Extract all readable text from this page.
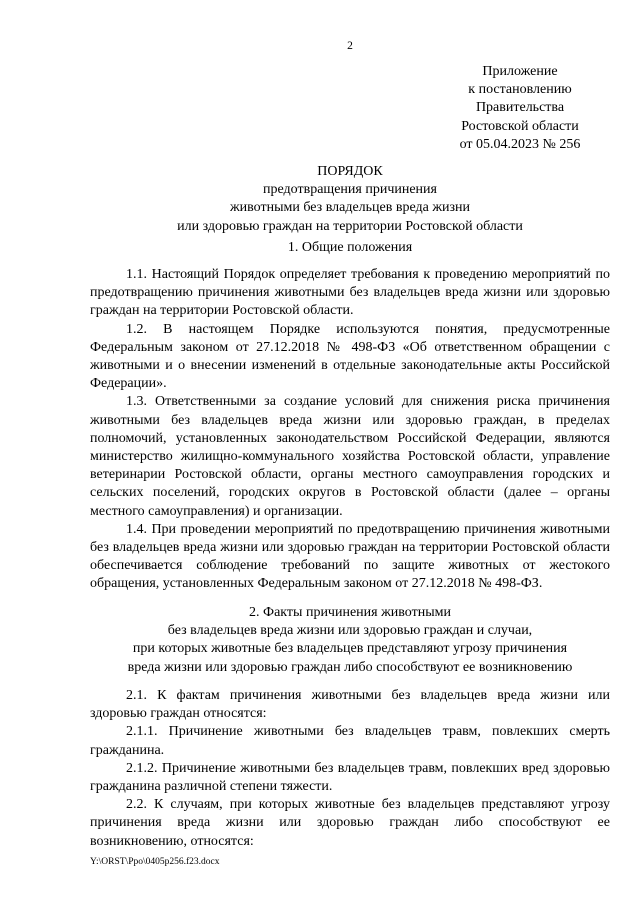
2
Приложение
к постановлению
Правительства
Ростовской области
от 05.04.2023 № 256
ПОРЯДОК
предотвращения причинения
животными без владельцев вреда жизни
или здоровью граждан на территории Ростовской области
1. Общие положения

1.1. Настоящий Порядок определяет требования к проведению мероприятий по предотвращению причинения животными без владельцев вреда жизни или здоровью граждан на территории Ростовской области.

1.2. В настоящем Порядке используются понятия, предусмотренные Федеральным законом от 27.12.2018 № 498-ФЗ «Об ответственном обращении с животными и о внесении изменений в отдельные законодательные акты Российской Федерации».

1.3. Ответственными за создание условий для снижения риска причинения животными без владельцев вреда жизни или здоровью граждан, в пределах полномочий, установленных законодательством Российской Федерации, являются министерство жилищно-коммунального хозяйства Ростовской области, управление ветеринарии Ростовской области, органы местного самоуправления городских и сельских поселений, городских округов в Ростовской области (далее – органы местного самоуправления) и организации.

1.4. При проведении мероприятий по предотвращению причинения животными без владельцев вреда жизни или здоровью граждан на территории Ростовской области обеспечивается соблюдение требований по защите животных от жестокого обращения, установленных Федеральным законом от 27.12.2018 № 498-ФЗ.

2. Факты причинения животными
без владельцев вреда жизни или здоровью граждан и случаи,
при которых животные без владельцев представляют угрозу причинения
вреда жизни или здоровью граждан либо способствуют ее возникновению

2.1. К фактам причинения животными без владельцев вреда жизни или здоровью граждан относятся:

2.1.1. Причинение животными без владельцев травм, повлекших смерть гражданина.

2.1.2. Причинение животными без владельцев травм, повлекших вред здоровью гражданина различной степени тяжести.

2.2. К случаям, при которых животные без владельцев представляют угрозу причинения вреда жизни или здоровью граждан либо способствуют ее возникновению, относятся:

Y:\ORST\Ppo\0405p256.f23.docx
